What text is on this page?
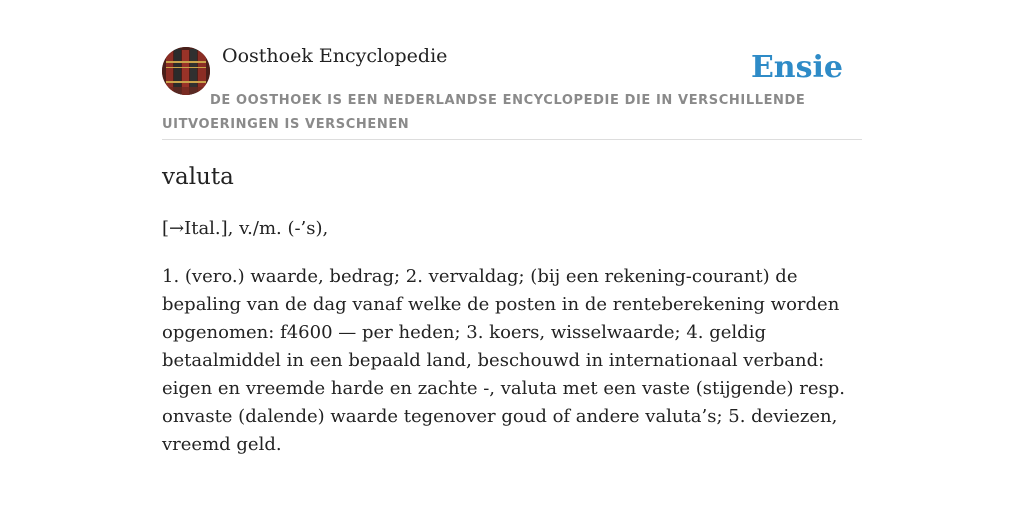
Oosthoek Encyclopedie	Ensie
DE OOSTHOEK IS EEN NEDERLANDSE ENCYCLOPEDIE DIE IN VERSCHILLENDE UITVOERINGEN IS VERSCHENEN
valuta
[→Ital.], v./m. (-’s),
1. (vero.) waarde, bedrag; 2. vervaldag; (bij een rekening-courant) de bepaling van de dag vanaf welke de posten in de renteberekening worden opgenomen: f4600 — per heden; 3. koers, wisselwaarde; 4. geldig betaalmiddel in een bepaald land, beschouwd in internationaal verband: eigen en vreemde harde en zachte -, valuta met een vaste (stijgende) resp. onvaste (dalende) waarde tegenover goud of andere valuta’s; 5. deviezen, vreemd geld.
